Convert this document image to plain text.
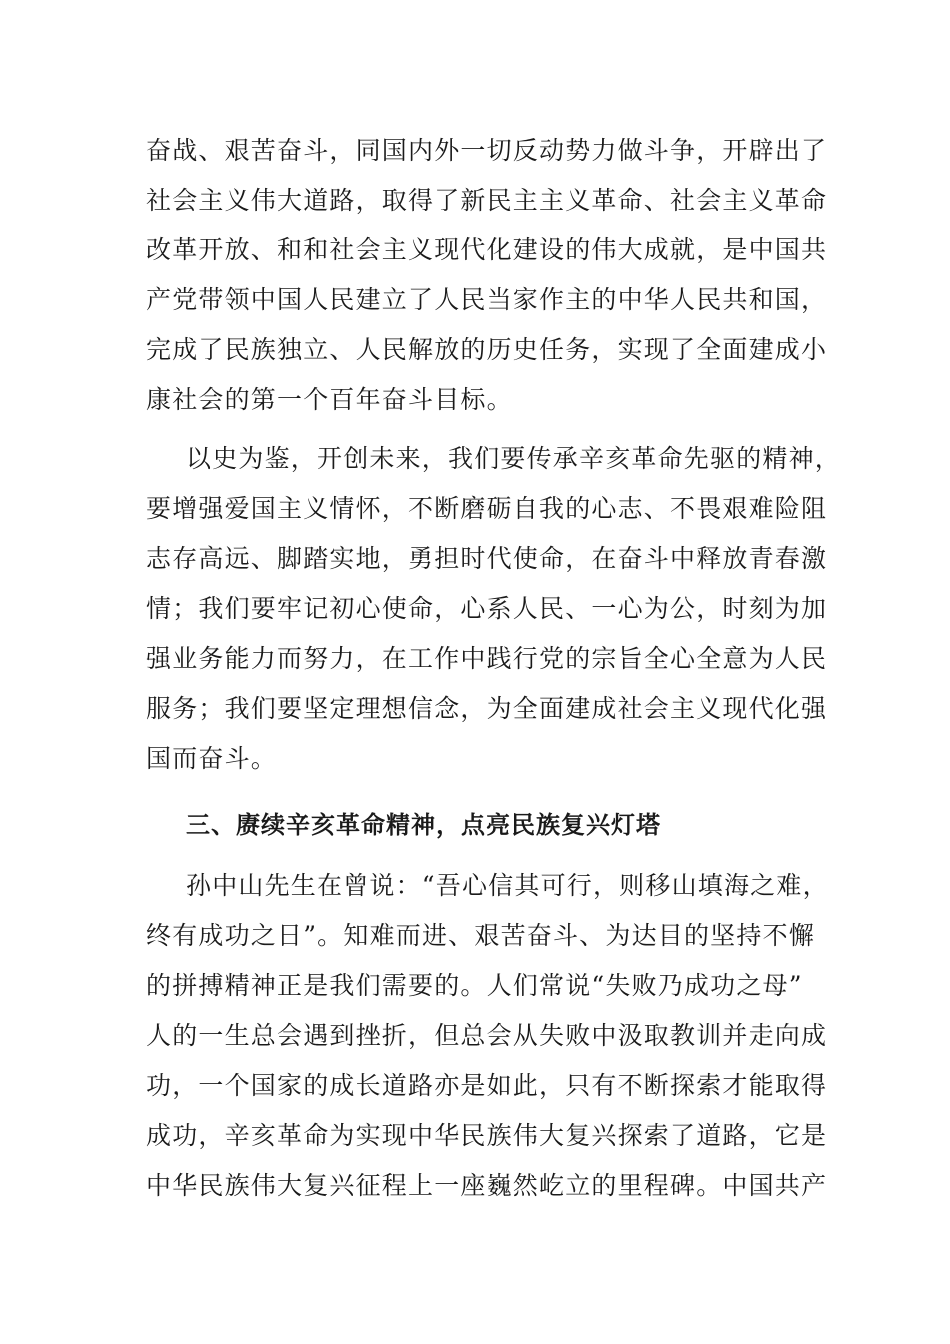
奋战、艰苦奋斗，同国内外一切反动势力做斗争，开辟出了
社会主义伟大道路，取得了新民主主义革命、社会主义革命
改革开放、和和社会主义现代化建设的伟大成就，是中国共
产党带领中国人民建立了人民当家作主的中华人民共和国，
完成了民族独立、人民解放的历史任务，实现了全面建成小
康社会的第一个百年奋斗目标。
以史为鉴，开创未来，我们要传承辛亥革命先驱的精神，
要增强爱国主义情怀，不断磨砺自我的心志、不畏艰难险阻
志存高远、脚踏实地，勇担时代使命，在奋斗中释放青春激
情；我们要牢记初心使命，心系人民、一心为公，时刻为加
强业务能力而努力，在工作中践行党的宗旨全心全意为人民
服务；我们要坚定理想信念，为全面建成社会主义现代化强
国而奋斗。
三、赓续辛亥革命精神，点亮民族复兴灯塔
孙中山先生在曾说：“吾心信其可行，则移山填海之难，
终有成功之日”。知难而进、艰苦奋斗、为达目的坚持不懈
的拼搏精神正是我们需要的。人们常说“失败乃成功之母”
人的一生总会遇到挫折，但总会从失败中汲取教训并走向成
功，一个国家的成长道路亦是如此，只有不断探索才能取得
成功，辛亥革命为实现中华民族伟大复兴探索了道路，它是
中华民族伟大复兴征程上一座巍然屹立的里程碑。中国共产
